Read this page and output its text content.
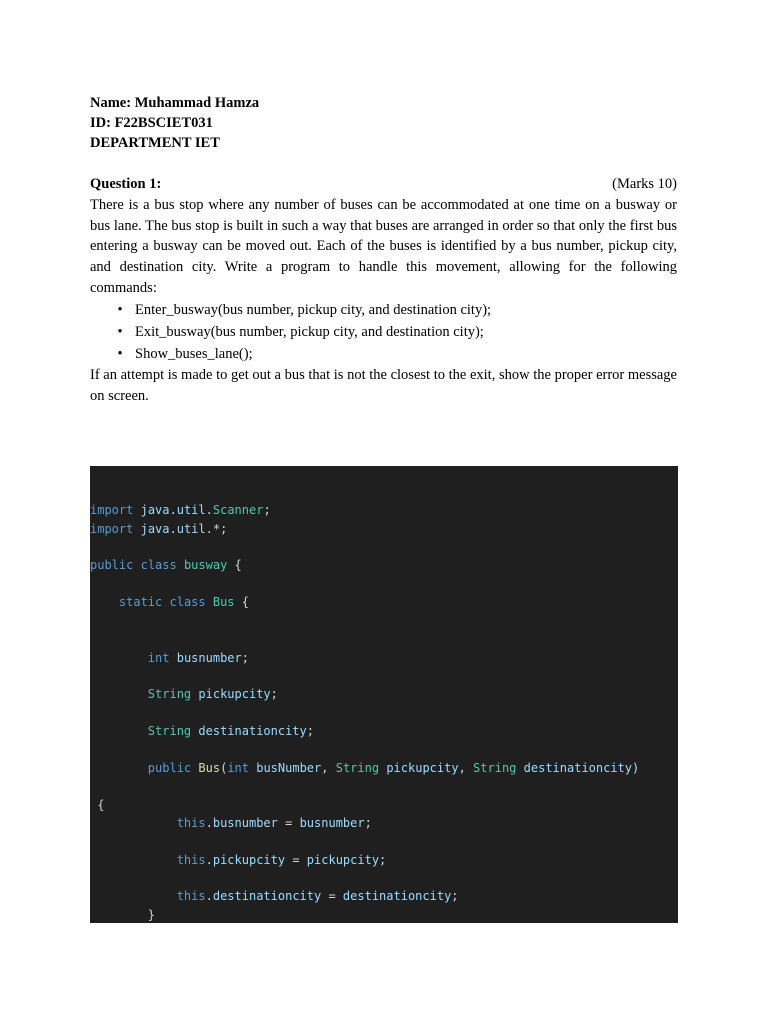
Name: Muhammad Hamza
ID: F22BSCIET031
DEPARTMENT IET
Question 1:	(Marks 10)
There is a bus stop where any number of buses can be accommodated at one time on a busway or bus lane. The bus stop is built in such a way that buses are arranged in order so that only the first bus entering a busway can be moved out. Each of the buses is identified by a bus number, pickup city, and destination city. Write a program to handle this movement, allowing for the following commands:
• Enter_busway(bus number, pickup city, and destination city);
• Exit_busway(bus number, pickup city, and destination city);
• Show_buses_lane();
If an attempt is made to get out a bus that is not the closest to the exit, show the proper error message on screen.
import java.util.Scanner;
import java.util.*;
public class busway {
static class Bus {
int busnumber;
String pickupcity;
String destinationcity;
public Bus(int busNumber, String pickupcity, String destinationcity)
{
this.busnumber = busnumber;
this.pickupcity = pickupcity;
this.destinationcity = destinationcity;
}
